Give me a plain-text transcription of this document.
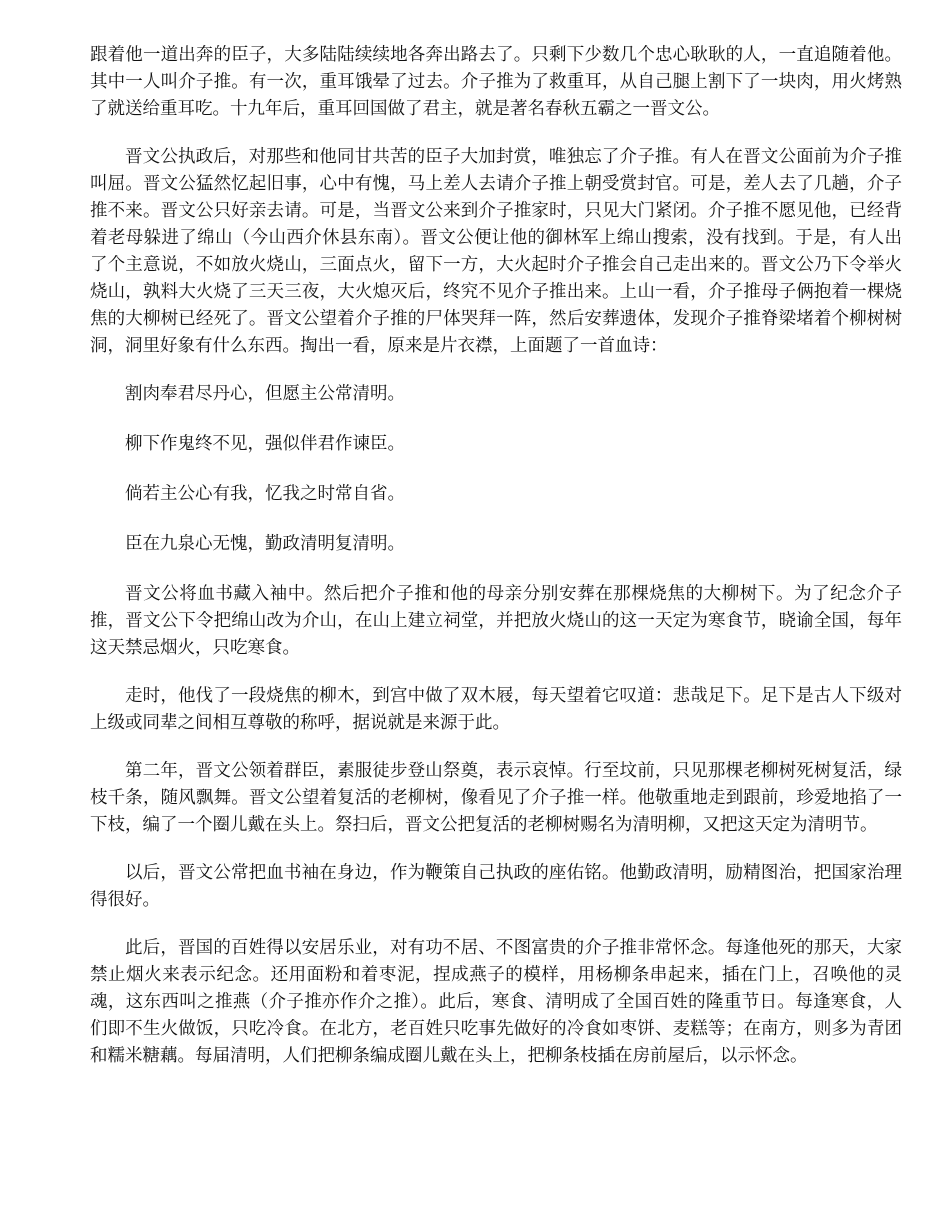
跟着他一道出奔的臣子，大多陆陆续续地各奔出路去了。只剩下少数几个忠心耿耿的人，一直追随着他。其中一人叫介子推。有一次，重耳饿晕了过去。介子推为了救重耳，从自己腿上割下了一块肉，用火烤熟了就送给重耳吃。十九年后，重耳回国做了君主，就是著名春秋五霸之一晋文公。

晋文公执政后，对那些和他同甘共苦的臣子大加封赏，唯独忘了介子推。有人在晋文公面前为介子推叫屈。晋文公猛然忆起旧事，心中有愧，马上差人去请介子推上朝受赏封官。可是，差人去了几趟，介子推不来。晋文公只好亲去请。可是，当晋文公来到介子推家时，只见大门紧闭。介子推不愿见他，已经背着老母躲进了绵山（今山西介休县东南）。晋文公便让他的御林军上绵山搜索，没有找到。于是，有人出了个主意说，不如放火烧山，三面点火，留下一方，大火起时介子推会自己走出来的。晋文公乃下令举火烧山，孰料大火烧了三天三夜，大火熄灭后，终究不见介子推出来。上山一看，介子推母子俩抱着一棵烧焦的大柳树已经死了。晋文公望着介子推的尸体哭拜一阵，然后安葬遗体，发现介子推脊梁堵着个柳树树洞，洞里好象有什么东西。掏出一看，原来是片衣襟，上面题了一首血诗：

割肉奉君尽丹心，但愿主公常清明。

柳下作鬼终不见，强似伴君作谏臣。

倘若主公心有我，忆我之时常自省。

臣在九泉心无愧，勤政清明复清明。

晋文公将血书藏入袖中。然后把介子推和他的母亲分别安葬在那棵烧焦的大柳树下。为了纪念介子推，晋文公下令把绵山改为介山，在山上建立祠堂，并把放火烧山的这一天定为寒食节，晓谕全国，每年这天禁忌烟火，只吃寒食。

走时，他伐了一段烧焦的柳木，到宫中做了双木屐，每天望着它叹道：悲哉足下。足下是古人下级对上级或同辈之间相互尊敬的称呼，据说就是来源于此。

第二年，晋文公领着群臣，素服徒步登山祭奠，表示哀悼。行至坟前，只见那棵老柳树死树复活，绿枝千条，随风飘舞。晋文公望着复活的老柳树，像看见了介子推一样。他敬重地走到跟前，珍爱地掐了一下枝，编了一个圈儿戴在头上。祭扫后，晋文公把复活的老柳树赐名为清明柳，又把这天定为清明节。

以后，晋文公常把血书袖在身边，作为鞭策自己执政的座佑铭。他勤政清明，励精图治，把国家治理得很好。

此后，晋国的百姓得以安居乐业，对有功不居、不图富贵的介子推非常怀念。每逢他死的那天，大家禁止烟火来表示纪念。还用面粉和着枣泥，捏成燕子的模样，用杨柳条串起来，插在门上，召唤他的灵魂，这东西叫之推燕（介子推亦作介之推）。此后，寒食、清明成了全国百姓的隆重节日。每逢寒食，人们即不生火做饭，只吃冷食。在北方，老百姓只吃事先做好的冷食如枣饼、麦糕等；在南方，则多为青团和糯米糖藕。每届清明，人们把柳条编成圈儿戴在头上，把柳条枝插在房前屋后，以示怀念。
